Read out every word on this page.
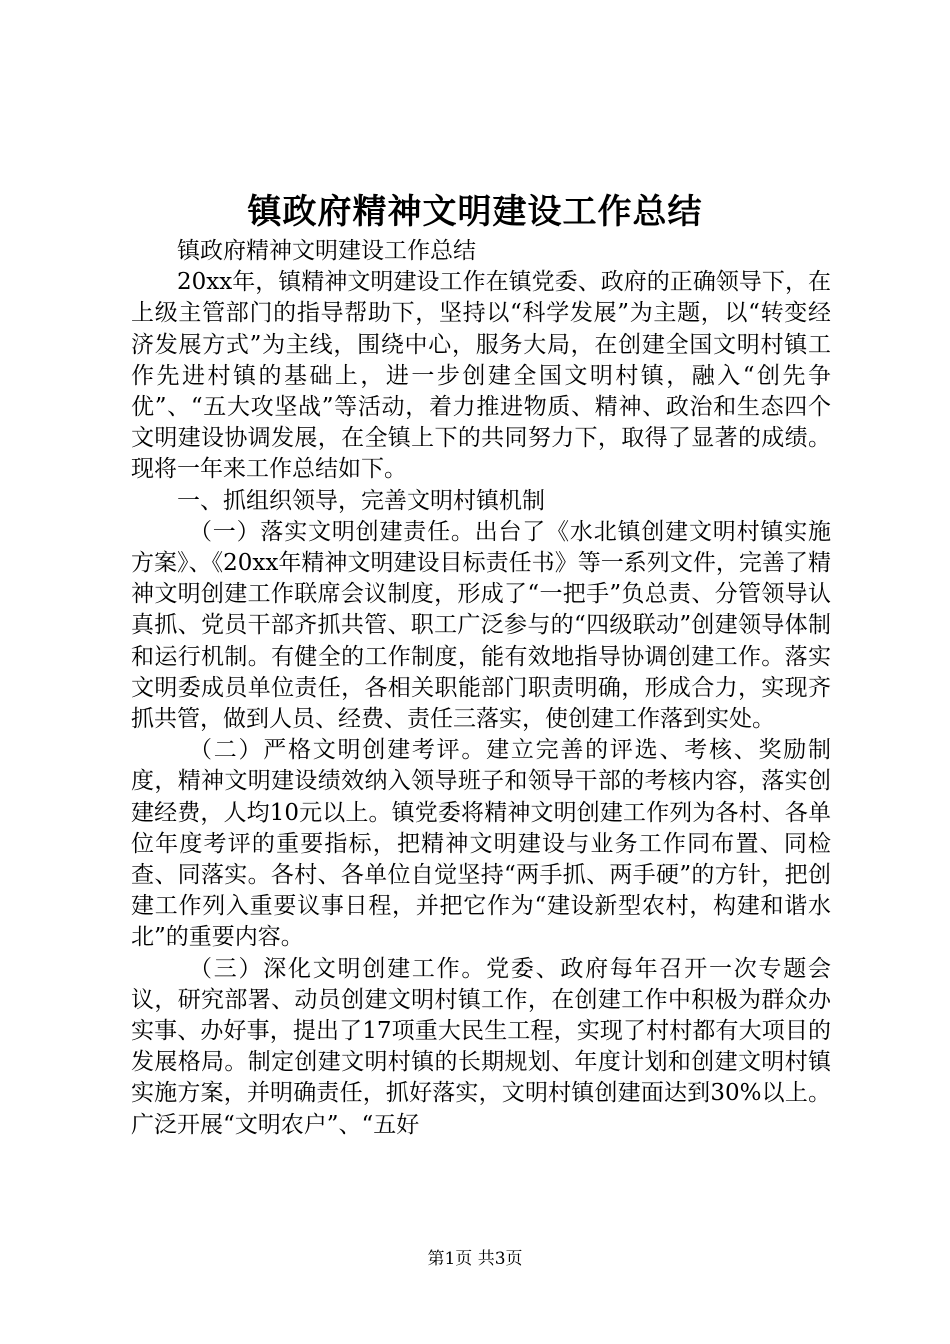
镇政府精神文明建设工作总结

镇政府精神文明建设工作总结

20xx年，镇精神文明建设工作在镇党委、政府的正确领导下，在上级主管部门的指导帮助下，坚持以“科学发展”为主题，以“转变经济发展方式”为主线，围绕中心，服务大局，在创建全国文明村镇工作先进村镇的基础上，进一步创建全国文明村镇，融入“创先争优”、“五大攻坚战”等活动，着力推进物质、精神、政治和生态四个文明建设协调发展，在全镇上下的共同努力下，取得了显著的成绩。现将一年来工作总结如下。

一、抓组织领导，完善文明村镇机制

（一）落实文明创建责任。出台了《水北镇创建文明村镇实施方案》、《20xx年精神文明建设目标责任书》等一系列文件，完善了精神文明创建工作联席会议制度，形成了“一把手”负总责、分管领导认真抓、党员干部齐抓共管、职工广泛参与的“四级联动”创建领导体制和运行机制。有健全的工作制度，能有效地指导协调创建工作。落实文明委成员单位责任，各相关职能部门职责明确，形成合力，实现齐抓共管，做到人员、经费、责任三落实，使创建工作落到实处。

（二）严格文明创建考评。建立完善的评选、考核、奖励制度，精神文明建设绩效纳入领导班子和领导干部的考核内容，落实创建经费，人均10元以上。镇党委将精神文明创建工作列为各村、各单位年度考评的重要指标，把精神文明建设与业务工作同布置、同检查、同落实。各村、各单位自觉坚持“两手抓、两手硬”的方针，把创建工作列入重要议事日程，并把它作为“建设新型农村，构建和谐水北”的重要内容。

（三）深化文明创建工作。党委、政府每年召开一次专题会议，研究部署、动员创建文明村镇工作，在创建工作中积极为群众办实事、办好事，提出了17项重大民生工程，实现了村村都有大项目的发展格局。制定创建文明村镇的长期规划、年度计划和创建文明村镇实施方案，并明确责任，抓好落实，文明村镇创建面达到30%以上。广泛开展“文明农户”、“五好

第1页 共3页
